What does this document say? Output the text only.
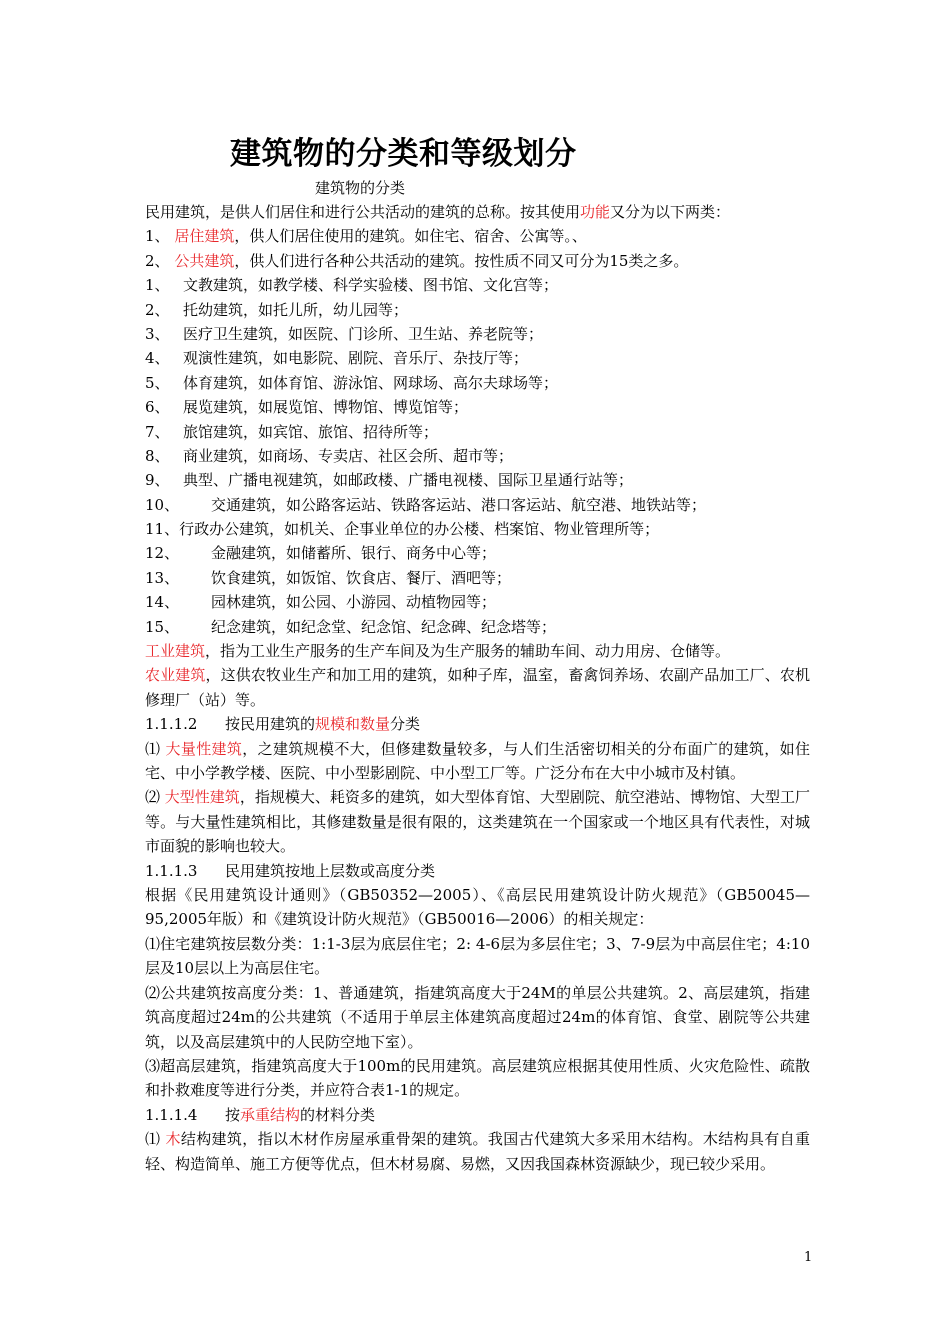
建筑物的分类和等级划分
建筑物的分类
民用建筑，是供人们居住和进行公共活动的建筑的总称。按其使用功能又分为以下两类：
1、 居住建筑，供人们居住使用的建筑。如住宅、宿舍、公寓等。、
2、 公共建筑，供人们进行各种公共活动的建筑。按性质不同又可分为15类之多。
1、 文教建筑，如教学楼、科学实验楼、图书馆、文化宫等；
2、 托幼建筑，如托儿所，幼儿园等；
3、 医疗卫生建筑，如医院、门诊所、卫生站、养老院等；
4、 观演性建筑，如电影院、剧院、音乐厅、杂技厅等；
5、 体育建筑，如体育馆、游泳馆、网球场、高尔夫球场等；
6、 展览建筑，如展览馆、博物馆、博览馆等；
7、 旅馆建筑，如宾馆、旅馆、招待所等；
8、 商业建筑，如商场、专卖店、社区会所、超市等；
9、 典型、广播电视建筑，如邮政楼、广播电视楼、国际卫星通行站等；
10、 交通建筑，如公路客运站、铁路客运站、港口客运站、航空港、地铁站等；
11、行政办公建筑，如机关、企事业单位的办公楼、档案馆、物业管理所等；
12、 金融建筑，如储蓄所、银行、商务中心等；
13、 饮食建筑，如饭馆、饮食店、餐厅、酒吧等；
14、 园林建筑，如公园、小游园、动植物园等；
15、 纪念建筑，如纪念堂、纪念馆、纪念碑、纪念塔等；
工业建筑，指为工业生产服务的生产车间及为生产服务的辅助车间、动力用房、仓储等。
农业建筑，这供农牧业生产和加工用的建筑，如种子库，温室，畜禽饲养场、农副产品加工厂、农机修理厂（站）等。
1.1.1.2 按民用建筑的规模和数量分类
⑴ 大量性建筑，之建筑规模不大，但修建数量较多，与人们生活密切相关的分布面广的建筑，如住宅、中小学教学楼、医院、中小型影剧院、中小型工厂等。广泛分布在大中小城市及村镇。
⑵ 大型性建筑，指规模大、耗资多的建筑，如大型体育馆、大型剧院、航空港站、博物馆、大型工厂等。与大量性建筑相比，其修建数量是很有限的，这类建筑在一个国家或一个地区具有代表性，对城市面貌的影响也较大。
1.1.1.3 民用建筑按地上层数或高度分类
根据《民用建筑设计通则》（GB50352—2005）、《高层民用建筑设计防火规范》（GB50045—95,2005年版）和《建筑设计防火规范》（GB50016—2006）的相关规定：
⑴住宅建筑按层数分类：1:1-3层为底层住宅；2: 4-6层为多层住宅；3、7-9层为中高层住宅；4:10层及10层以上为高层住宅。
⑵公共建筑按高度分类：1、普通建筑，指建筑高度大于24M的单层公共建筑。2、高层建筑，指建筑高度超过24m的公共建筑（不适用于单层主体建筑高度超过24m的体育馆、食堂、剧院等公共建筑，以及高层建筑中的人民防空地下室）。
⑶超高层建筑，指建筑高度大于100m的民用建筑。高层建筑应根据其使用性质、火灾危险性、疏散和扑救难度等进行分类，并应符合表1-1的规定。
1.1.1.4 按承重结构的材料分类
⑴ 木结构建筑，指以木材作房屋承重骨架的建筑。我国古代建筑大多采用木结构。木结构具有自重轻、构造简单、施工方便等优点，但木材易腐、易燃，又因我国森林资源缺少，现已较少采用。
1
